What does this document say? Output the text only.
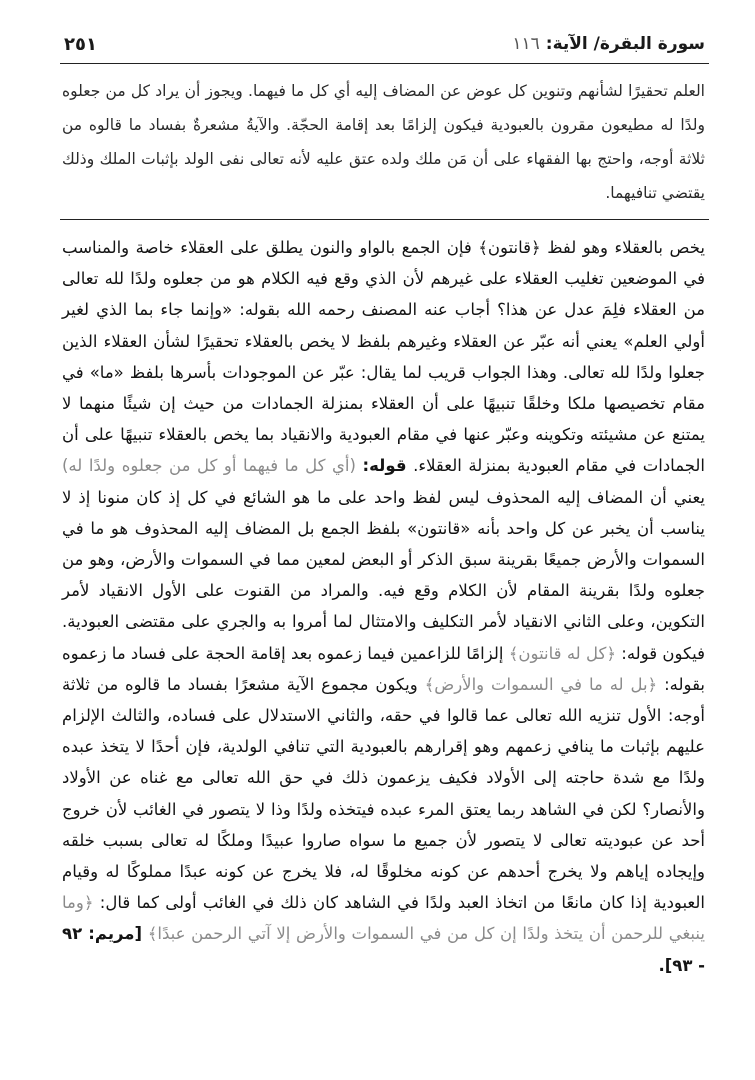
سورة البقرة/ الآية:١١٦
٢٥١

العلم تحقيرًا لشأنهم وتنوين كل عوض عن المضاف إليه أي كل ما فيهما. ويجوز أن يراد كل من جعلوه ولدًا له مطيعون مقرون بالعبودية فيكون إلزامًا بعد إقامة الحجّة. والآيةُ مشعرةٌ بفساد ما قالوه من ثلاثة أوجه، واحتج بها الفقهاء على أن مَن ملك ولده عتق عليه لأنه تعالى نفى الولد بإثبات الملك وذلك يقتضي تنافيهما.

يخص بالعقلاء وهو لفظ ﴿قانتون﴾ فإن الجمع بالواو والنون يطلق على العقلاء خاصة والمناسب في الموضعين تغليب العقلاء على غيرهم لأن الذي وقع فيه الكلام هو من جعلوه ولدًا لله تعالى من العقلاء فلِمَ عدل عن هذا؟ أجاب عنه المصنف رحمه الله بقوله: «وإنما جاء بما الذي لغير أولي العلم» يعني أنه عبّر عن العقلاء وغيرهم بلفظ لا يخص بالعقلاء تحقيرًا لشأن العقلاء الذين جعلوا ولدًا لله تعالى. وهذا الجواب قريب لما يقال: عبّر عن الموجودات بأسرها بلفظ «ما» في مقام تخصيصها ملكا وخلقًا تنبيهًا على أن العقلاء بمنزلة الجمادات من حيث إن شيئًا منهما لا يمتنع عن مشيئته وتكوينه وعبّر عنها في مقام العبودية والانقياد بما يخص بالعقلاء تنبيهًا على أن الجمادات في مقام العبودية بمنزلة العقلاء. قوله: (أي كل ما فيهما أو كل من جعلوه ولدًا له) يعني أن المضاف إليه المحذوف ليس لفظ واحد على ما هو الشائع في كل إذ كان منونا إذ لا يناسب أن يخبر عن كل واحد بأنه «قانتون» بلفظ الجمع بل المضاف إليه المحذوف هو ما في السموات والأرض جميعًا بقرينة سبق الذكر أو البعض لمعين مما في السموات والأرض، وهو من جعلوه ولدًا بقرينة المقام لأن الكلام وقع فيه. والمراد من القنوت على الأول الانقياد لأمر التكوين، وعلى الثاني الانقياد لأمر التكليف والامتثال لما أمروا به والجري على مقتضى العبودية. فيكون قوله: ﴿كل له قانتون﴾ إلزامًا للزاعمين فيما زعموه بعد إقامة الحجة على فساد ما زعموه بقوله: ﴿بل له ما في السموات والأرض﴾ ويكون مجموع الآية مشعرًا بفساد ما قالوه من ثلاثة أوجه: الأول تنزيه الله تعالى عما قالوا في حقه، والثاني الاستدلال على فساده، والثالث الإلزام عليهم بإثبات ما ينافي زعمهم وهو إقرارهم بالعبودية التي تنافي الولدية، فإن أحدًا لا يتخذ عبده ولدًا مع شدة حاجته إلى الأولاد فكيف يزعمون ذلك في حق الله تعالى مع غناه عن الأولاد والأنصار؟ لكن في الشاهد ربما يعتق المرء عبده فيتخذه ولدًا وذا لا يتصور في الغائب لأن خروج أحد عن عبوديته تعالى لا يتصور لأن جميع ما سواه صاروا عبيدًا وملكًا له تعالى بسبب خلقه وإيجاده إياهم ولا يخرج أحدهم عن كونه مخلوقًا له، فلا يخرج عن كونه عبدًا مملوكًا له وقيام العبودية إذا كان مانعًا من اتخاذ العبد ولدًا في الشاهد كان ذلك في الغائب أولى كما قال: ﴿وما ينبغي للرحمن أن يتخذ ولدًا إن كل من في السموات والأرض إلا آتي الرحمن عبدًا﴾ [مريم: ٩٢ - ٩٣].
